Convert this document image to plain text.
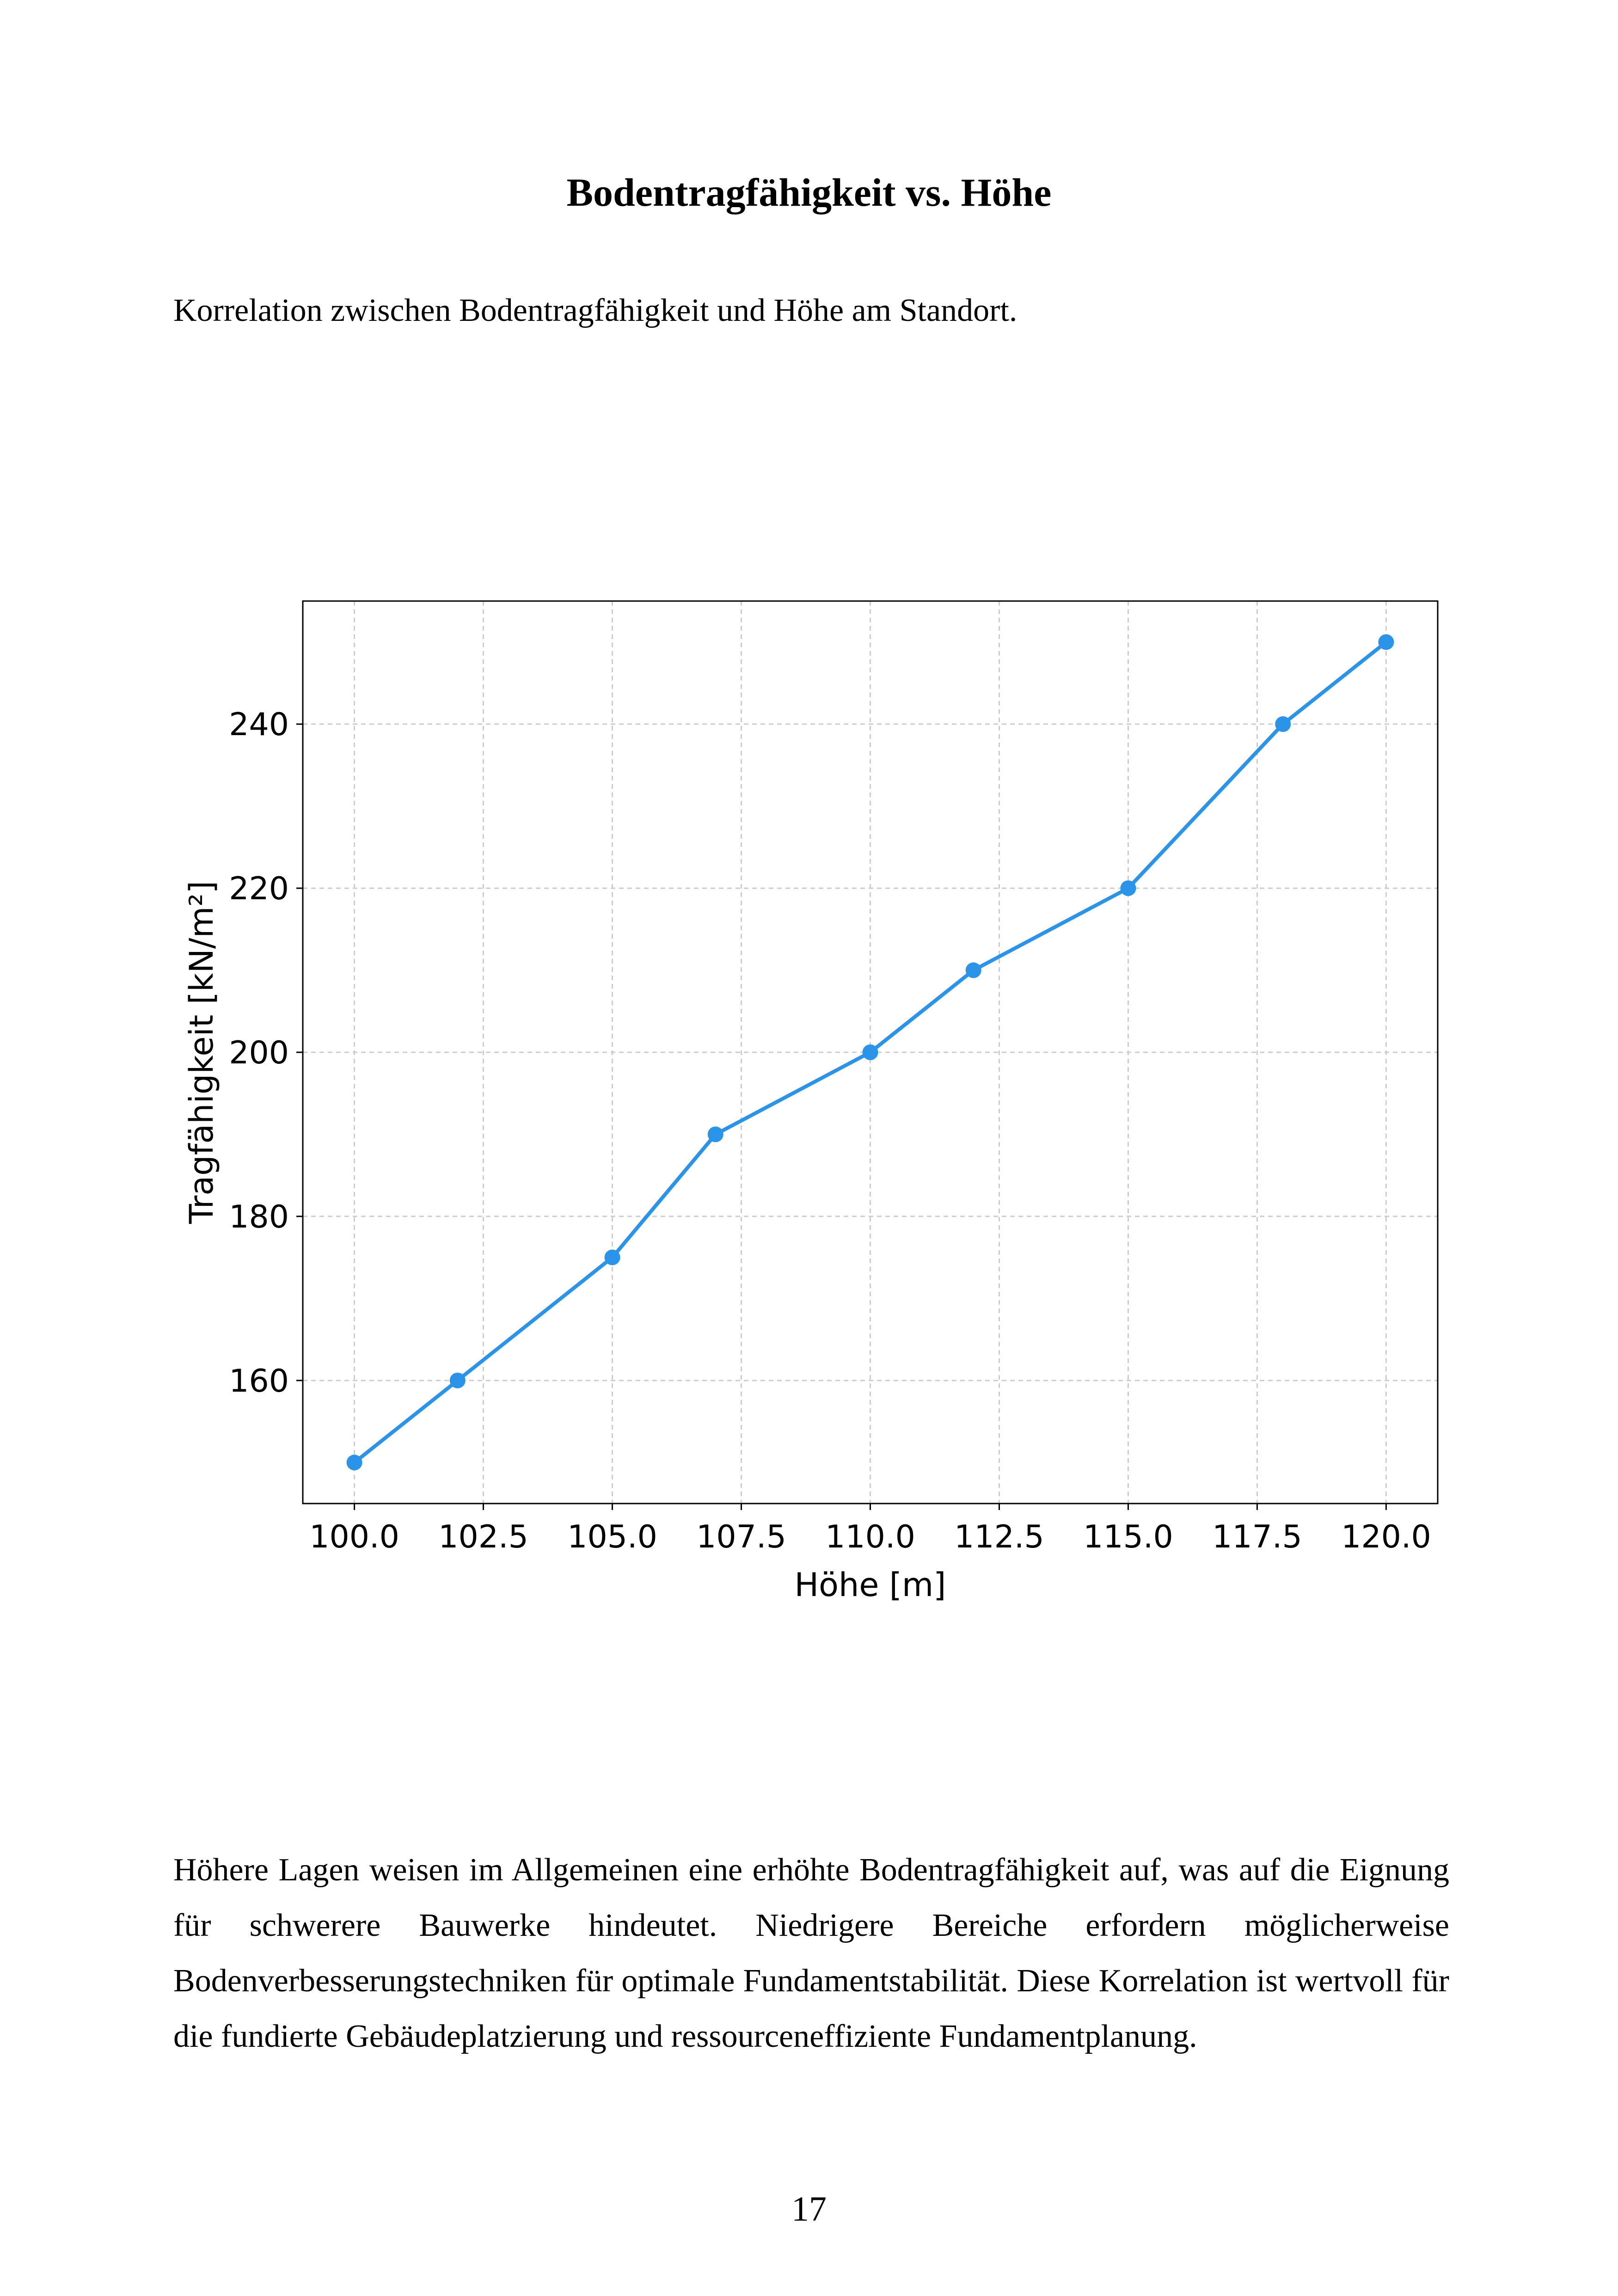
Bodentragfähigkeit vs. Höhe
Korrelation zwischen Bodentragfähigkeit und Höhe am Standort.
100.0 102.5 105.0 107.5 110.0 112.5 115.0 117.5 120.0
160
180
200
220
240
Höhe [m]
Tragfähigkeit [kN/m²]
Höhere Lagen weisen im Allgemeinen eine erhöhte Bodentragfähigkeit auf, was auf die Eignung für schwerere Bauwerke hindeutet. Niedrigere Bereiche erfordern möglicherweise Bodenverbesserungstechniken für optimale Fundamentstabilität. Diese Korrelation ist wertvoll für die fundierte Gebäudeplatzierung und ressourceneffiziente Fundamentplanung.
17
